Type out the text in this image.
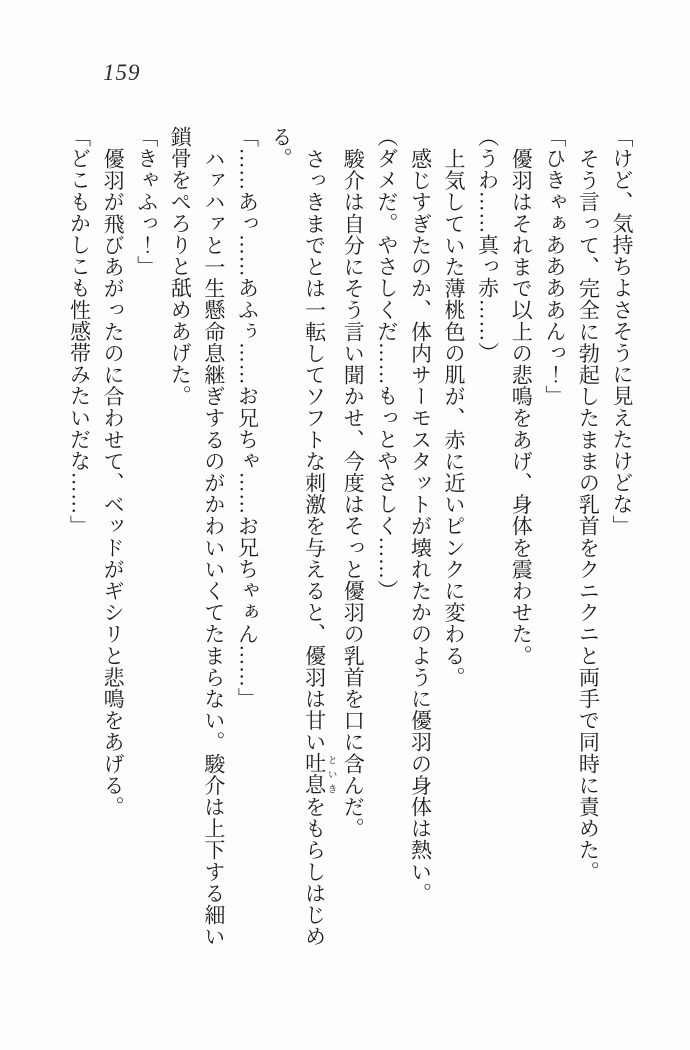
159

「けど、気持ちよさそうに見えたけどな」

そう言って、完全に勃起したままの乳首をクニクニと両手で同時に責めた。

「ひきゃぁああああんっ！」

優羽はそれまで以上の悲鳴をあげ、身体を震わせた。

（うわ……真っ赤……）

上気していた薄桃色の肌が、赤に近いピンクに変わる。

感じすぎたのか、体内サーモスタットが壊れたかのように優羽の身体は熱い。

（ダメだ。やさしくだ……もっとやさしく……）

駿介は自分にそう言い聞かせ、今度はそっと優羽の乳首を口に含んだ。

さっきまでとは一転してソフトな刺激を与えると、優羽は甘い吐息 といきをもらしはじめ

る。

「……あっ……あふぅ……お兄ちゃ……お兄ちゃぁん……」

ハァハァと一生懸命息継ぎするのがかわいいくてたまらない。駿介は上下する細い

鎖骨をぺろりと舐めあげた。

「きゃふっ！」

優羽が飛びあがったのに合わせて、ベッドがギシリと悲鳴をあげる。

「どこもかしこも性感帯みたいだな……」
